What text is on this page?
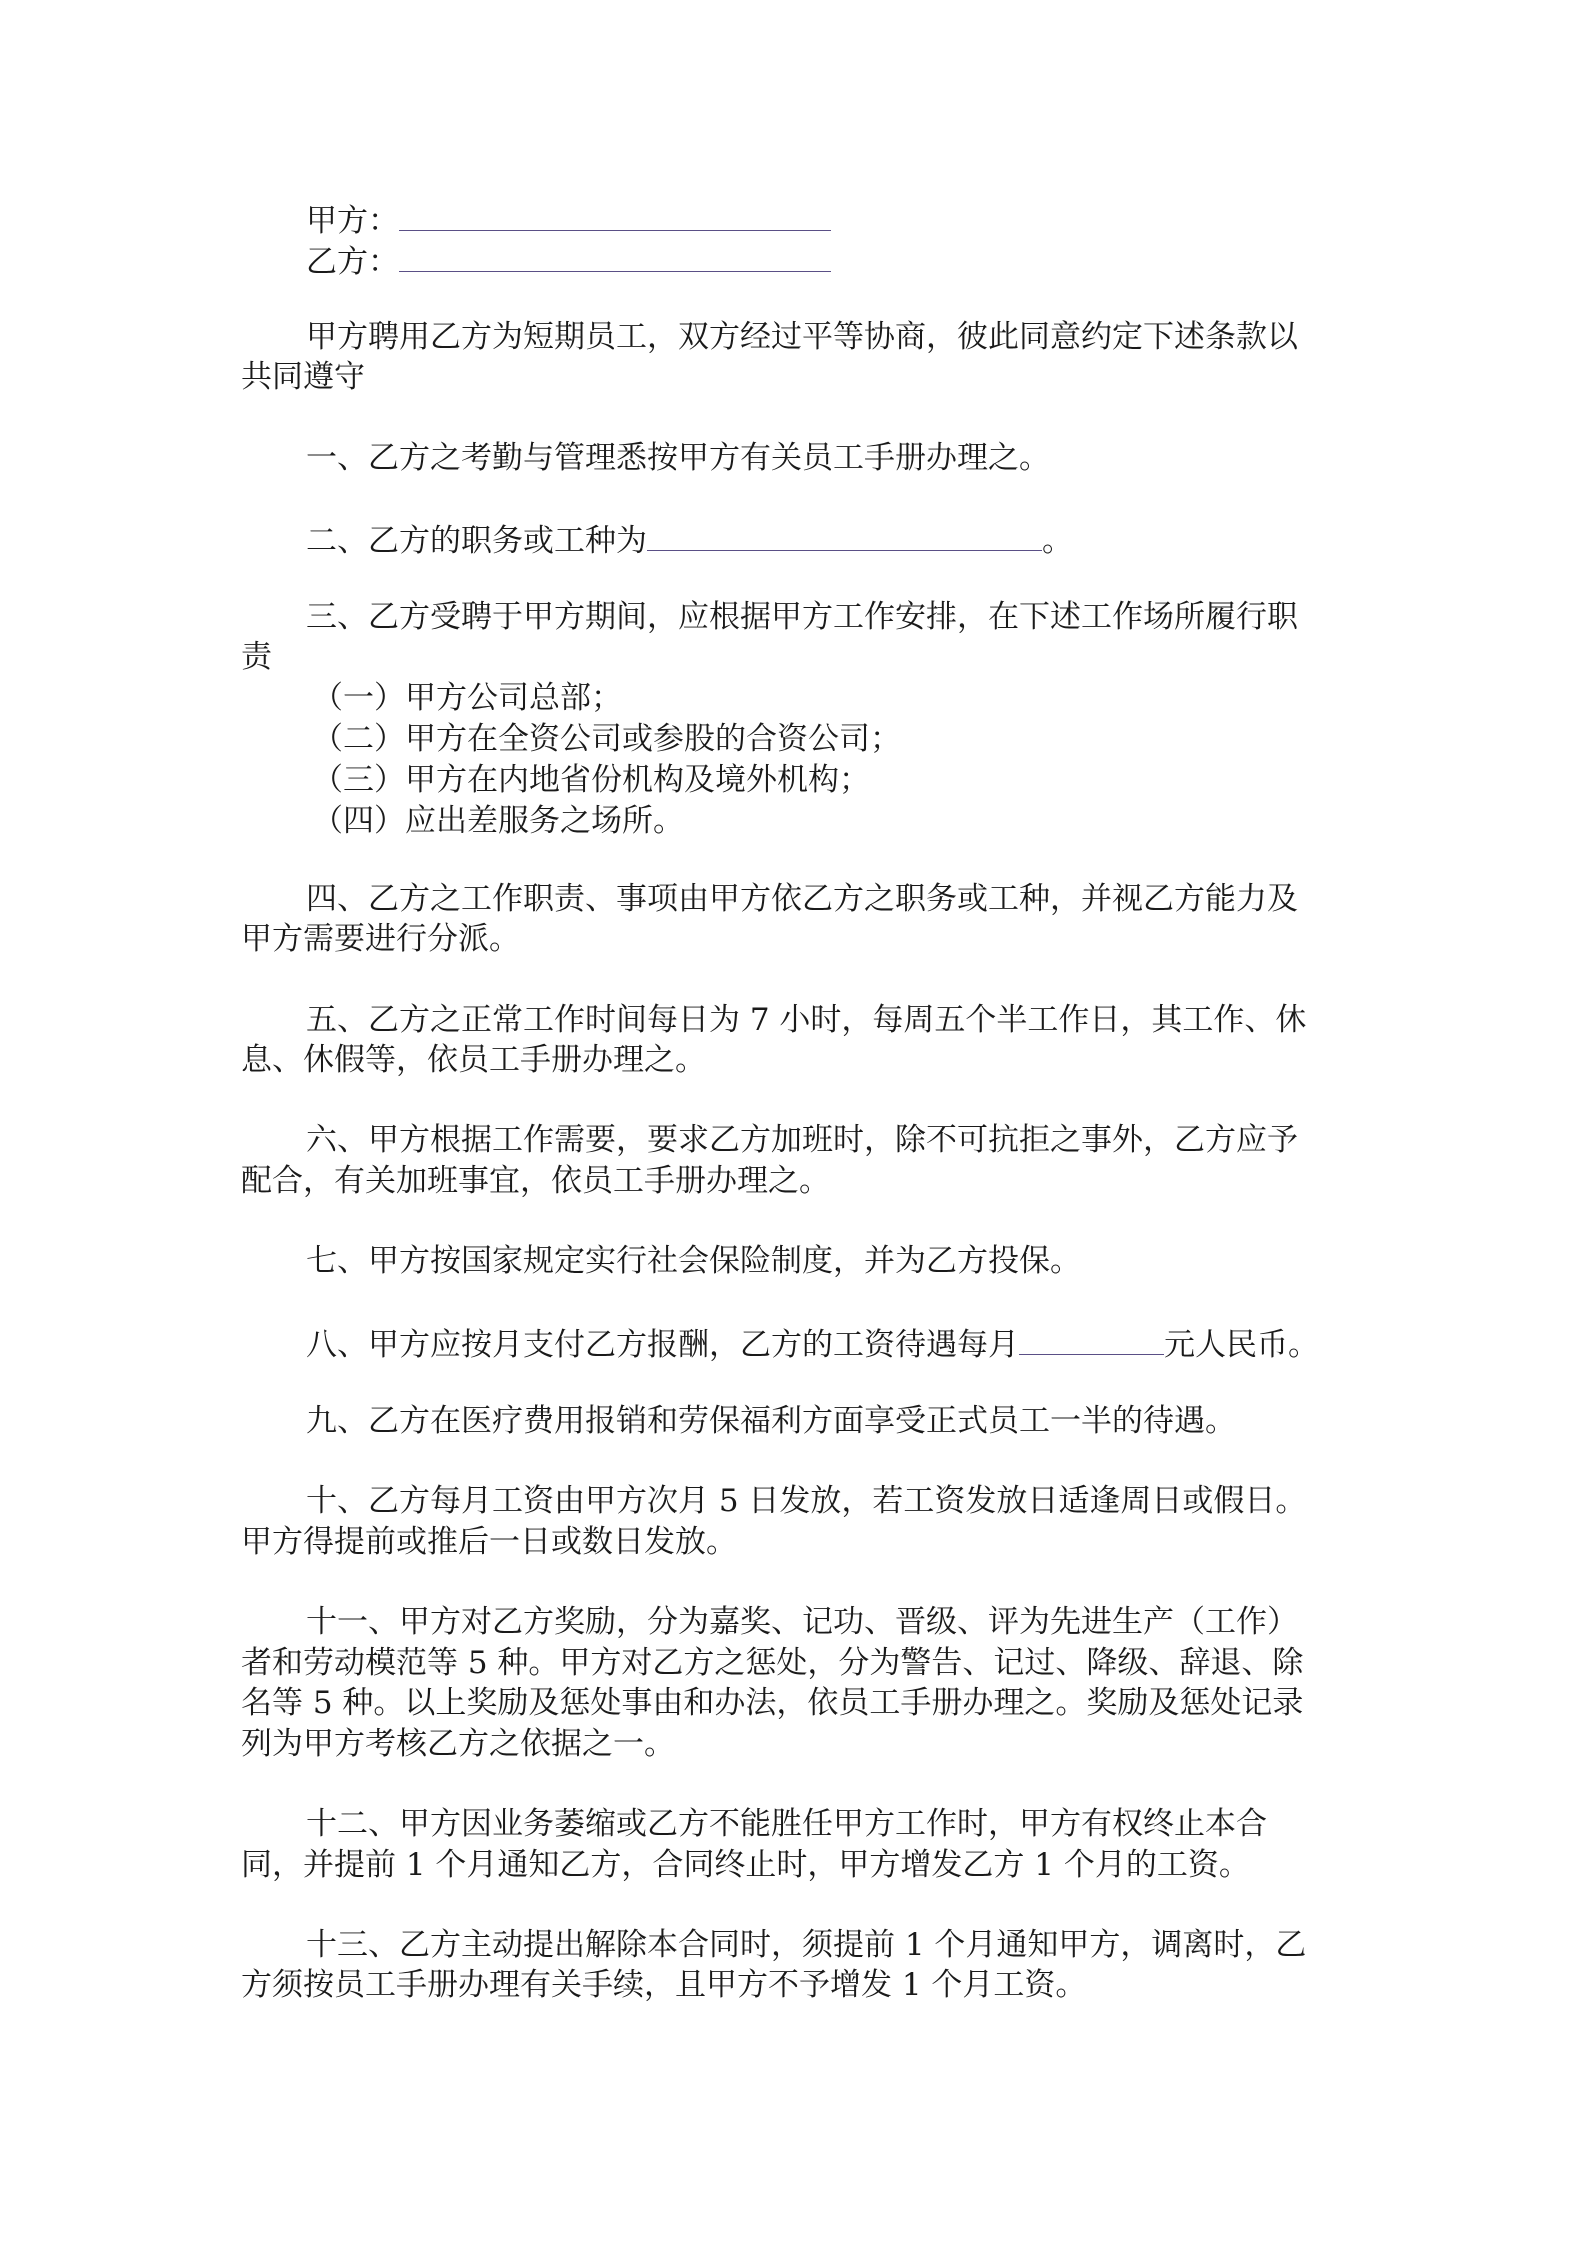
甲方：
乙方：
甲方聘用乙方为短期员工，双方经过平等协商，彼此同意约定下述条款以
共同遵守
一、乙方之考勤与管理悉按甲方有关员工手册办理之。
二、乙方的职务或工种为	。
三、乙方受聘于甲方期间，应根据甲方工作安排，在下述工作场所履行职
责
（一）甲方公司总部；
（二）甲方在全资公司或参股的合资公司；
（三）甲方在内地省份机构及境外机构；
（四）应出差服务之场所。
四、乙方之工作职责、事项由甲方依乙方之职务或工种，并视乙方能力及
甲方需要进行分派。
五、乙方之正常工作时间每日为 7 小时，每周五个半工作日，其工作、休
息、休假等，依员工手册办理之。
六、甲方根据工作需要，要求乙方加班时，除不可抗拒之事外，乙方应予
配合，有关加班事宜，依员工手册办理之。
七、甲方按国家规定实行社会保险制度，并为乙方投保。
八、甲方应按月支付乙方报酬，乙方的工资待遇每月	元人民币。
九、乙方在医疗费用报销和劳保福利方面享受正式员工一半的待遇。
十、乙方每月工资由甲方次月 5 日发放，若工资发放日适逢周日或假日。
甲方得提前或推后一日或数日发放。
十一、甲方对乙方奖励，分为嘉奖、记功、晋级、评为先进生产（工作）
者和劳动模范等 5 种。甲方对乙方之惩处，分为警告、记过、降级、辞退、除
名等 5 种。以上奖励及惩处事由和办法，依员工手册办理之。奖励及惩处记录
列为甲方考核乙方之依据之一。
十二、甲方因业务萎缩或乙方不能胜任甲方工作时，甲方有权终止本合
同，并提前 1 个月通知乙方，合同终止时，甲方增发乙方 1 个月的工资。
十三、乙方主动提出解除本合同时，须提前 1 个月通知甲方，调离时，乙
方须按员工手册办理有关手续，且甲方不予增发 1 个月工资。
